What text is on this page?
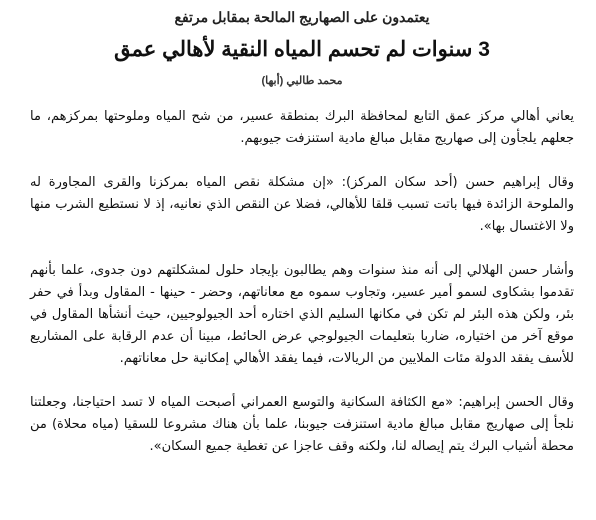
يعتمدون على الصهاريج المالحة بمقابل مرتفع

3 سنوات لم تحسم المياه النقية لأهالي عمق

محمد طالبي (أبها)

يعاني أهالي مركز عمق التابع لمحافظة البرك بمنطقة عسير، من شح المياه وملوحتها بمركزهم، ما جعلهم يلجأون إلى صهاريج مقابل مبالغ مادية استنزفت جيوبهم.

وقال إبراهيم حسن (أحد سكان المركز): «إن مشكلة نقص المياه بمركزنا والقرى المجاورة له والملوحة الزائدة فيها باتت تسبب قلقا للأهالي، فضلا عن النقص الذي نعانيه، إذ لا نستطيع الشرب منها ولا الاغتسال بها».

وأشار حسن الهلالي إلى أنه منذ سنوات وهم يطالبون بإيجاد حلول لمشكلتهم دون جدوى، علما بأنهم تقدموا بشكاوى لسمو أمير عسير، وتجاوب سموه مع معاناتهم، وحضر - حينها - المقاول وبدأ في حفر بئر، ولكن هذه البئر لم تكن في مكانها السليم الذي اختاره أحد الجيولوجيين، حيث أنشأها المقاول في موقع آخر من اختياره، ضاربا بتعليمات الجيولوجي عرض الحائط، مبينا أن عدم الرقابة على المشاريع للأسف يفقد الدولة مئات الملايين من الريالات، فيما يفقد الأهالي إمكانية حل معاناتهم.

وقال الحسن إبراهيم: «مع الكثافة السكانية والتوسع العمراني أصبحت المياه لا تسد احتياجنا، وجعلتنا نلجأ إلى صهاريج مقابل مبالغ مادية استنزفت جيوبنا، علما بأن هناك مشروعا للسقيا (مياه محلاة) من محطة أشياب البرك يتم إيصاله لنا، ولكنه وقف عاجزا عن تغطية جميع السكان».
